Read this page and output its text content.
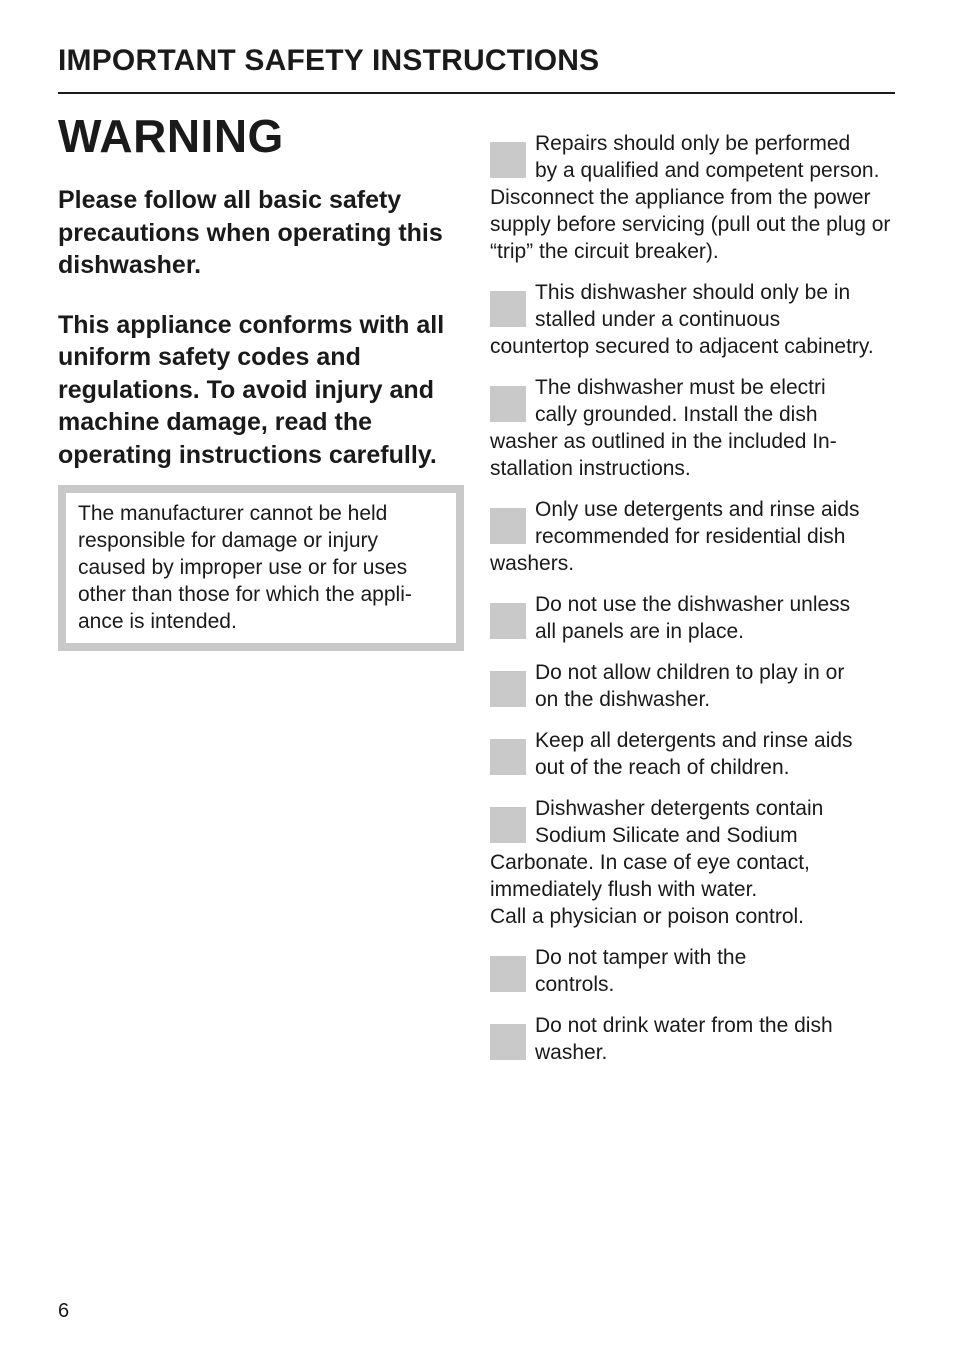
IMPORTANT SAFETY INSTRUCTIONS
WARNING

Please follow all basic safety precautions when operating this dishwasher.

This appliance conforms with all uniform safety codes and regulations. To avoid injury and machine damage, read the operating instructions carefully.

The manufacturer cannot be held responsible for damage or injury caused by improper use or for uses other than those for which the appliance is intended.
Repairs should only be performed
by a qualified and competent person. Disconnect the appliance from the power supply before servicing (pull out the plug or “trip” the circuit breaker).
This dishwasher should only be in
stalled under a continuous
countertop secured to adjacent cabinetry.
The dishwasher must be electri
cally grounded. Install the dish
washer as outlined in the included Installation instructions.
Only use detergents and rinse aids
recommended for residential dish
washers.
Do not use the dishwasher unless
all panels are in place.
Do not allow children to play in or
on the dishwasher.
Keep all detergents and rinse aids
out of the reach of children.
Dishwasher detergents contain
Sodium Silicate and Sodium
Carbonate. In case of eye contact, immediately flush with water.
Call a physician or poison control.
Do not tamper with the
controls.
Do not drink water from the dish
washer.
6
